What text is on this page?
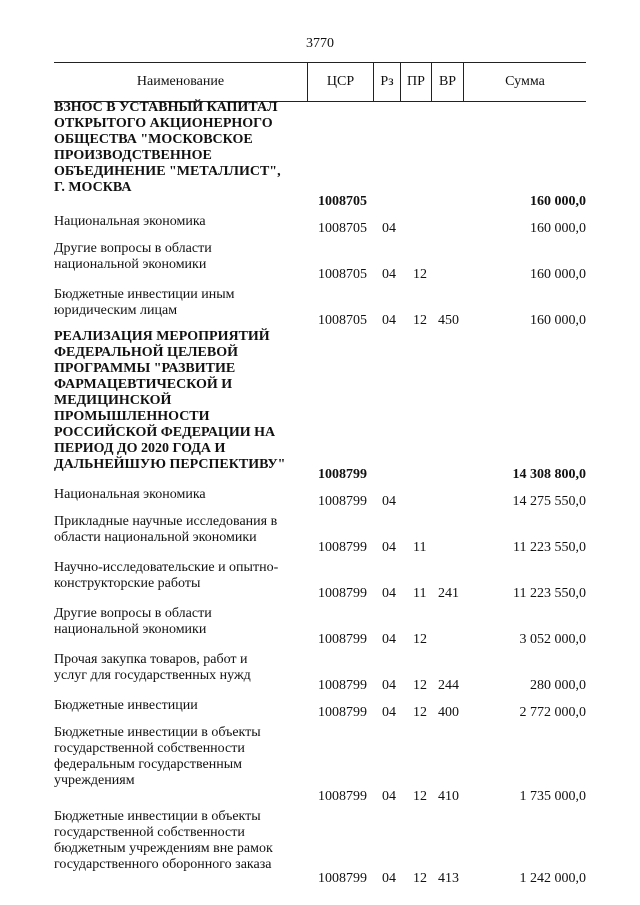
3770
Наименование	ЦСР	Рз ПР ВР	Сумма
ВЗНОС В УСТАВНЫЙ КАПИТАЛ
ОТКРЫТОГО АКЦИОНЕРНОГО
ОБЩЕСТВА "МОСКОВСКОЕ
ПРОИЗВОДСТВЕННОЕ
ОБЪЕДИНЕНИЕ "МЕТАЛЛИСТ",
Г. МОСКВА
1008705	160 000,0
Национальная экономика	1008705 04	160 000,0
Другие вопросы в области
национальной экономики
1008705 04 12	160 000,0
Бюджетные инвестиции иным
юридическим лицам
1008705 04 12 450	160 000,0
РЕАЛИЗАЦИЯ МЕРОПРИЯТИЙ
ФЕДЕРАЛЬНОЙ ЦЕЛЕВОЙ
ПРОГРАММЫ "РАЗВИТИЕ
ФАРМАЦЕВТИЧЕСКОЙ И
МЕДИЦИНСКОЙ
ПРОМЫШЛЕННОСТИ
РОССИЙСКОЙ ФЕДЕРАЦИИ НА
ПЕРИОД ДО 2020 ГОДА И
ДАЛЬНЕЙШУЮ ПЕРСПЕКТИВУ"
1008799	14 308 800,0
Национальная экономика	1008799 04	14 275 550,0
Прикладные научные исследования в
области национальной экономики
1008799 04 11	11 223 550,0
Научно-исследовательские и опытно-
конструкторские работы
1008799 04 11 241	11 223 550,0
Другие вопросы в области
национальной экономики
1008799 04 12	3 052 000,0
Прочая закупка товаров, работ и
услуг для государственных нужд
1008799 04 12 244	280 000,0
Бюджетные инвестиции	1008799 04 12 400	2 772 000,0
Бюджетные инвестиции в объекты
государственной собственности
федеральным государственным
учреждениям
1008799 04 12 410	1 735 000,0
Бюджетные инвестиции в объекты
государственной собственности
бюджетным учреждениям вне рамок
государственного оборонного заказа
1008799 04 12 413	1 242 000,0
